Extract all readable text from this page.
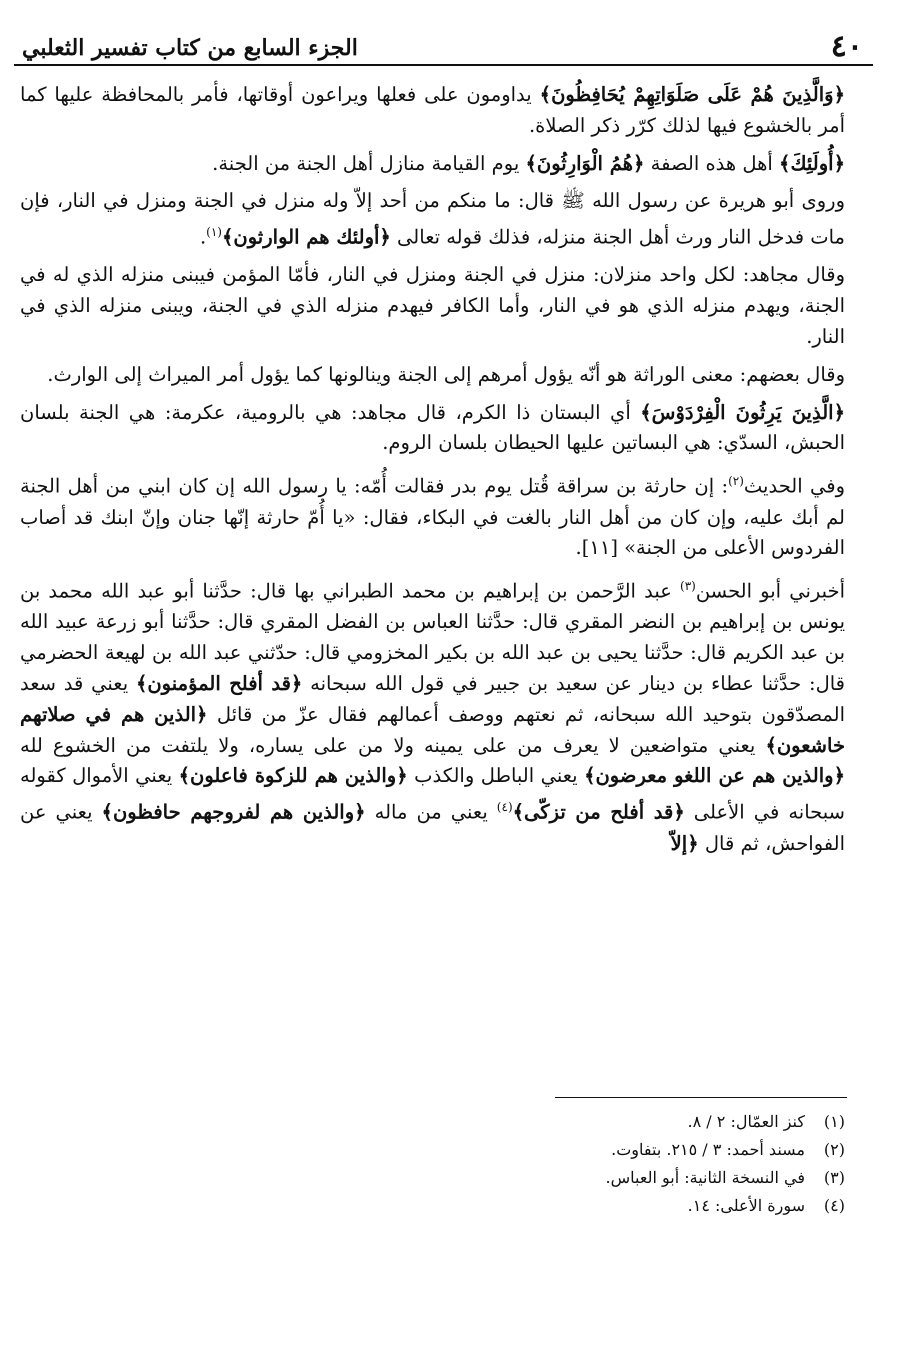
٤٠
الجزء السابع من كتاب تفسير الثعلبي

﴿وَالَّذِينَ هُمْ عَلَى صَلَوَاتِهِمْ يُحَافِظُونَ﴾ يداومون على فعلها ويراعون أوقاتها، فأمر بالمحافظة عليها كما أمر بالخشوع فيها لذلك كرّر ذكر الصلاة.

﴿أُولَئِكَ﴾ أهل هذه الصفة ﴿هُمُ الْوَارِثُونَ﴾ يوم القيامة منازل أهل الجنة من الجنة.

وروى أبو هريرة عن رسول الله ﷺ قال: ما منكم من أحد إلاّ وله منزل في الجنة ومنزل في النار، فإن مات فدخل النار ورث أهل الجنة منزله، فذلك قوله تعالى ﴿أولئك هم الوارثون﴾$^{(١)}$.

وقال مجاهد: لكل واحد منزلان: منزل في الجنة ومنزل في النار، فأمّا المؤمن فيبنى منزله الذي له في الجنة، ويهدم منزله الذي هو في النار، وأما الكافر فيهدم منزله الذي في الجنة، ويبنى منزله الذي في النار.

وقال بعضهم: معنى الوراثة هو أنّه يؤول أمرهم إلى الجنة وينالونها كما يؤول أمر الميراث إلى الوارث.

﴿الَّذِينَ يَرِثُونَ الْفِرْدَوْسَ﴾ أي البستان ذا الكرم، قال مجاهد: هي بالرومية، عكرمة: هي الجنة بلسان الحبش، السدّي: هي البساتين عليها الحيطان بلسان الروم.

وفي الحديث$^{(٢)}$: إن حارثة بن سراقة قُتل يوم بدر فقالت أُمّه: يا رسول الله إن كان ابني من أهل الجنة لم أبك عليه، وإن كان من أهل النار بالغت في البكاء، فقال: «يا أُمّ حارثة إنّها جنان وإنّ ابنك قد أصاب الفردوس الأعلى من الجنة» [١١].

أخبرني أبو الحسن$^{(٣)}$ عبد الرَّحمن بن إبراهيم بن محمد الطبراني بها قال: حدَّثنا أبو عبد الله محمد بن يونس بن إبراهيم بن النضر المقري قال: حدَّثنا العباس بن الفضل المقري قال: حدَّثنا أبو زرعة عبيد الله بن عبد الكريم قال: حدَّثنا يحيى بن عبد الله بن بكير المخزومي قال: حدّثني عبد الله بن لهيعة الحضرمي قال: حدَّثنا عطاء بن دينار عن سعيد بن جبير في قول الله سبحانه ﴿قد أفلح المؤمنون﴾ يعني قد سعد المصدّقون بتوحيد الله سبحانه، ثم نعتهم ووصف أعمالهم فقال عزّ من قائل ﴿الذين هم في صلاتهم خاشعون﴾ يعني متواضعين لا يعرف من على يمينه ولا من على يساره، ولا يلتفت من الخشوع لله ﴿والذين هم عن اللغو معرضون﴾ يعني الباطل والكذب ﴿والذين هم للزكوة فاعلون﴾ يعني الأموال كقوله سبحانه في الأعلى ﴿قد أفلح من تزكّى﴾$^{(٤)}$ يعني من ماله ﴿والذين هم لفروجهم حافظون﴾ يعني عن الفواحش، ثم قال ﴿إلاّ

(١)
كنز العمّال: ٢ / ٨.
(٢)
مسند أحمد: ٣ / ٢١٥. بتفاوت.
(٣)
في النسخة الثانية: أبو العباس.
(٤)
سورة الأعلى: ١٤.
